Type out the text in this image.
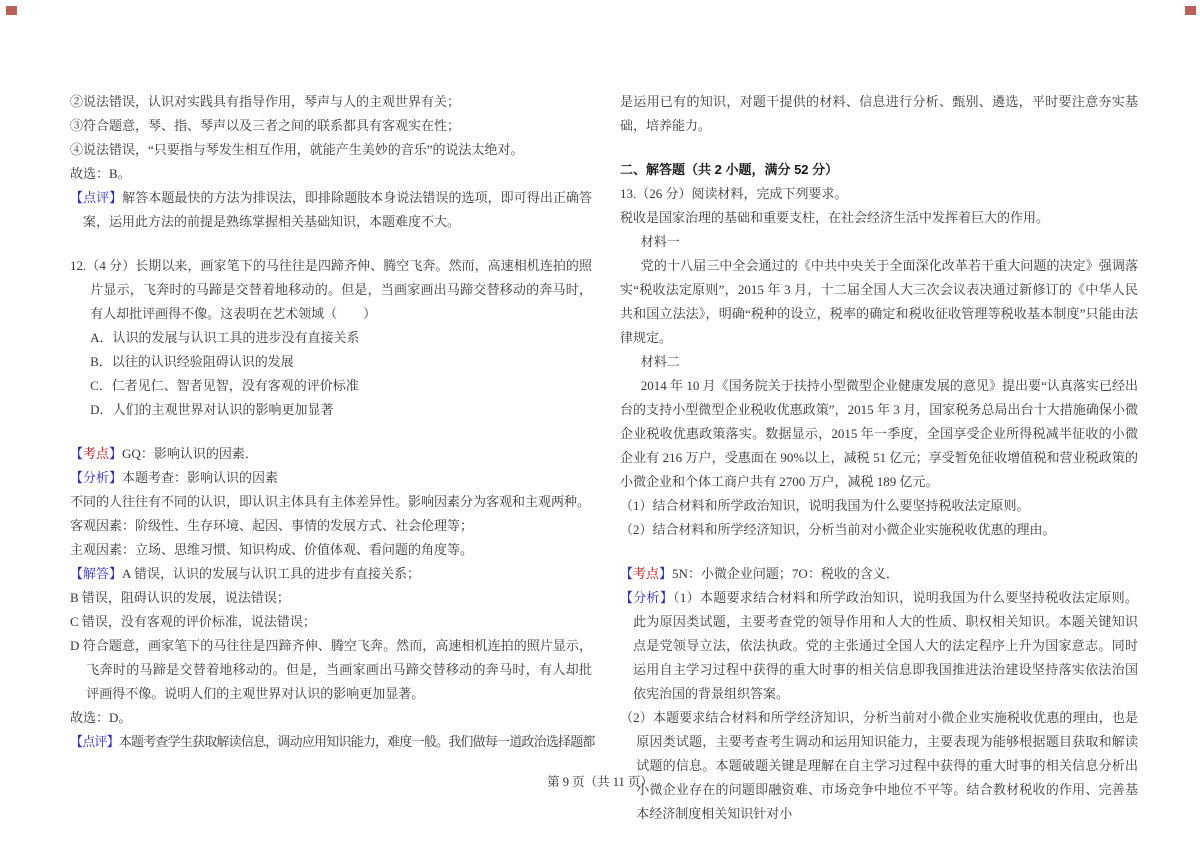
②说法错误，认识对实践具有指导作用，琴声与人的主观世界有关；
③符合题意，琴、指、琴声以及三者之间的联系都具有客观实在性；
④说法错误，“只要指与琴发生相互作用，就能产生美妙的音乐”的说法太绝对。
故选：B。
【点评】解答本题最快的方法为排误法，即排除题肢本身说法错误的选项，即可得出正确答案，运用此方法的前提是熟练掌握相关基础知识，本题难度不大。
12.（4 分）长期以来，画家笔下的马往往是四蹄齐伸、腾空飞奔。然而，高速相机连拍的照片显示，飞奔时的马蹄是交替着地移动的。但是，当画家画出马蹄交替移动的奔马时，有人却批评画得不像。这表明在艺术领域（　　）
A．认识的发展与认识工具的进步没有直接关系
B．以往的认识经验阻碍认识的发展
C．仁者见仁、智者见智，没有客观的评价标准
D．人们的主观世界对认识的影响更加显著
【考点】GQ：影响认识的因素．
【分析】本题考查：影响认识的因素
不同的人往往有不同的认识，即认识主体具有主体差异性。影响因素分为客观和主观两种。
客观因素：阶级性、生存环境、起因、事情的发展方式、社会伦理等；
主观因素：立场、思维习惯、知识构成、价值体观、看问题的角度等。
【解答】A 错误，认识的发展与认识工具的进步有直接关系；
B 错误，阻碍认识的发展，说法错误；
C 错误，没有客观的评价标准，说法错误；
D 符合题意，画家笔下的马往往是四蹄齐伸、腾空飞奔。然而，高速相机连拍的照片显示，飞奔时的马蹄是交替着地移动的。但是，当画家画出马蹄交替移动的奔马时，有人却批评画得不像。说明人们的主观世界对认识的影响更加显著。
故选：D。
【点评】本题考查学生获取解读信息，调动应用知识能力，难度一般。我们做每一道政治选择题都
是运用已有的知识，对题干提供的材料、信息进行分析、甄别、遴选，平时要注意夯实基础，培养能力。
二、解答题（共 2 小题，满分 52 分）
13.（26 分）阅读材料，完成下列要求。
税收是国家治理的基础和重要支柱，在社会经济生活中发挥着巨大的作用。
材料一
党的十八届三中全会通过的《中共中央关于全面深化改革若干重大问题的决定》强调落实“税收法定原则”，2015 年 3 月，十二届全国人大三次会议表决通过新修订的《中华人民共和国立法法》，明确“税种的设立，税率的确定和税收征收管理等税收基本制度”只能由法律规定。
材料二
2014 年 10 月《国务院关于扶持小型微型企业健康发展的意见》提出要“认真落实已经出台的支持小型微型企业税收优惠政策”，2015 年 3 月，国家税务总局出台十大措施确保小微企业税收优惠政策落实。数据显示，2015 年一季度，全国享受企业所得税减半征收的小微企业有 216 万户，受惠面在 90%以上，减税 51 亿元；享受暂免征收增值税和营业税政策的小微企业和个体工商户共有 2700 万户，减税 189 亿元。
（1）结合材料和所学政治知识，说明我国为什么要坚持税收法定原则。
（2）结合材料和所学经济知识，分析当前对小微企业实施税收优惠的理由。
【考点】5N：小微企业问题；7O：税收的含义．
【分析】（1）本题要求结合材料和所学政治知识，说明我国为什么要坚持税收法定原则。此为原因类试题，主要考查党的领导作用和人大的性质、职权相关知识。本题关键知识点是党领导立法，依法执政。党的主张通过全国人大的法定程序上升为国家意志。同时运用自主学习过程中获得的重大时事的相关信息即我国推进法治建设坚持落实依法治国依宪治国的背景组织答案。
（2）本题要求结合材料和所学经济知识，分析当前对小微企业实施税收优惠的理由，也是原因类试题，主要考查考生调动和运用知识能力，主要表现为能够根据题目获取和解读试题的信息。本题破题关键是理解在自主学习过程中获得的重大时事的相关信息分析出小微企业存在的问题即融资难、市场竞争中地位不平等。结合教材税收的作用、完善基本经济制度相关知识针对小
第 9 页（共 11 页）
